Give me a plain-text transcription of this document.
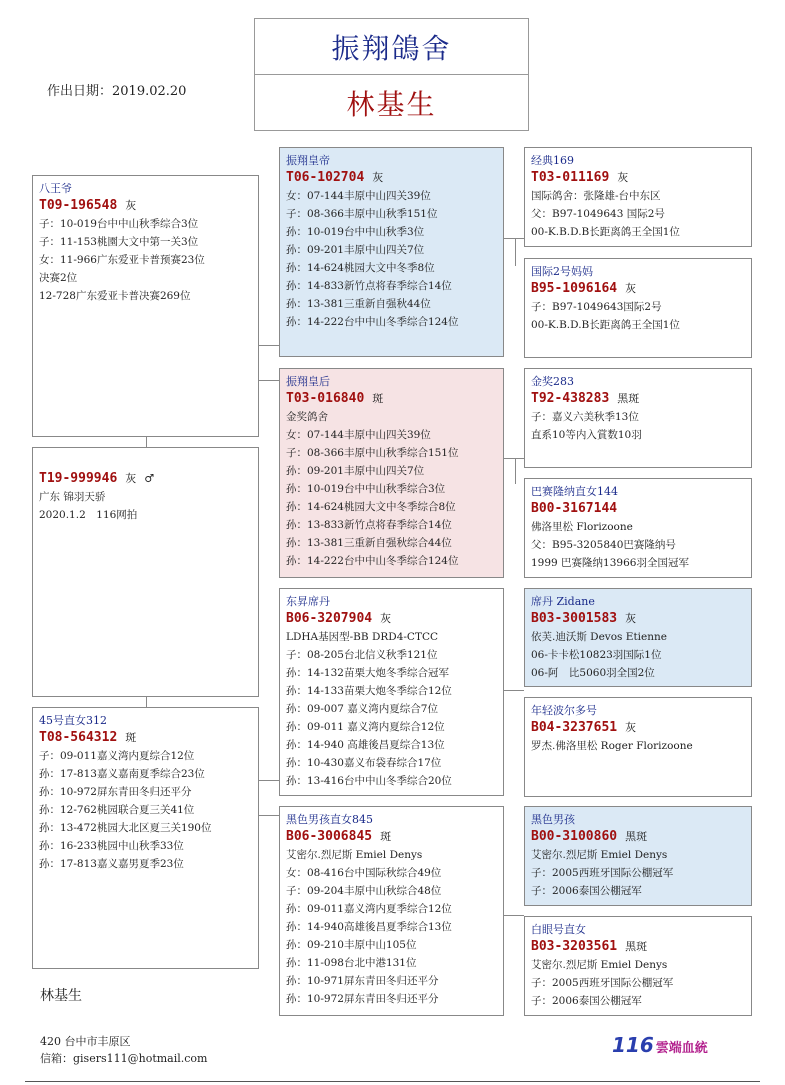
振翔鴿舍
林基生
作出日期：2019.02.20
八王爷
T09-196548 灰
子：10-019台中中山秋季综合3位
子：11-153桃園大文中第一关3位
女：11-966广东爱亚卡普预赛23位
决赛2位
12-728广东爱亚卡普决赛269位
T19-999946 灰 ♂
广东 锦羽天骄
2020.1.2　116网拍
45号直女312
T08-564312 斑
子：09-011嘉义湾内夏综合12位
孙：17-813嘉义嘉南夏季综合23位
孙：10-972屏东青田冬归还平分
孙：12-762桃园联合夏三关41位
孙：13-472桃园大北区夏三关190位
孙：16-233桃园中山秋季33位
孙：17-813嘉义嘉男夏季23位
振翔皇帝
T06-102704 灰
女：07-144丰原中山四关39位
子：08-366丰原中山秋季151位
孙：10-019台中中山秋季3位
孙：09-201丰原中山四关7位
孙：14-624桃园大文中冬季8位
孙：14-833新竹点将春季综合14位
孙：13-381三重新自强秋44位
孙：14-222台中中山冬季综合124位
振翔皇后
T03-016840 斑
金奖鸽舍
女：07-144丰原中山四关39位
子：08-366丰原中山秋季综合151位
孙：09-201丰原中山四关7位
孙：10-019台中中山秋季综合3位
孙：14-624桃园大文中冬季综合8位
孙：13-833新竹点将春季综合14位
孙：13-381三重新自强秋综合44位
孙：14-222台中中山冬季综合124位
东昇席丹
B06-3207904 灰
LDHA基因型-BB DRD4-CTCC
子：08-205台北信义秋季121位
孙：14-132苗栗大炮冬季综合冠军
孙：14-133苗栗大炮冬季综合12位
孙：09-007 嘉义湾内夏综合7位
孙：09-011 嘉义湾内夏综合12位
孙：14-940 高雄後昌夏综合13位
孙：10-430嘉义布袋春综合17位
孙：13-416台中中山冬季综合20位
黑色男孩直女845
B06-3006845 斑
艾密尔.烈尼斯 Emiel Denys
女：08-416台中国际秋综合49位
子：09-204丰原中山秋综合48位
孙：09-011嘉义湾内夏季综合12位
孙：14-940高雄後昌夏季综合13位
孙：09-210丰原中山105位
孙：11-098台北中港131位
孙：10-971屏东青田冬归还平分
孙：10-972屏东青田冬归还平分
经典169
T03-011169 灰
国际鸽舍：张隆雄-台中东区
父：B97-1049643 国际2号
00-K.B.D.B长距离鸽王全国1位
国际2号妈妈
B95-1096164 灰
子：B97-1049643国际2号
00-K.B.D.B长距离鸽王全国1位
金奖283
T92-438283 黑斑
子：嘉义六美秋季13位
直系10等内入賞数10羽
巴赛隆纳直女144
B00-3167144
佛洛里松 Florizoone
父：B95-3205840巴赛隆纳号
1999 巴赛隆纳13966羽全国冠军
席丹 Zidane
B03-3001583 灰
依芙.迪沃斯 Devos Etienne
06-卡卡松10823羽国际1位
06-阿　比5060羽全国2位
年轻波尔多号
B04-3237651 灰
罗杰.佛洛里松 Roger Florizoone
黑色男孩
B00-3100860 黑斑
艾密尔.烈尼斯 Emiel Denys
子：2005西班牙国际公棚冠军
子：2006泰国公棚冠军
白眼号直女
B03-3203561 黑斑
艾密尔.烈尼斯 Emiel Denys
子：2005西班牙国际公棚冠军
子：2006泰国公棚冠军
林基生
420 台中市丰原区
信箱：gisers111@hotmail.com
116 雲端血統
